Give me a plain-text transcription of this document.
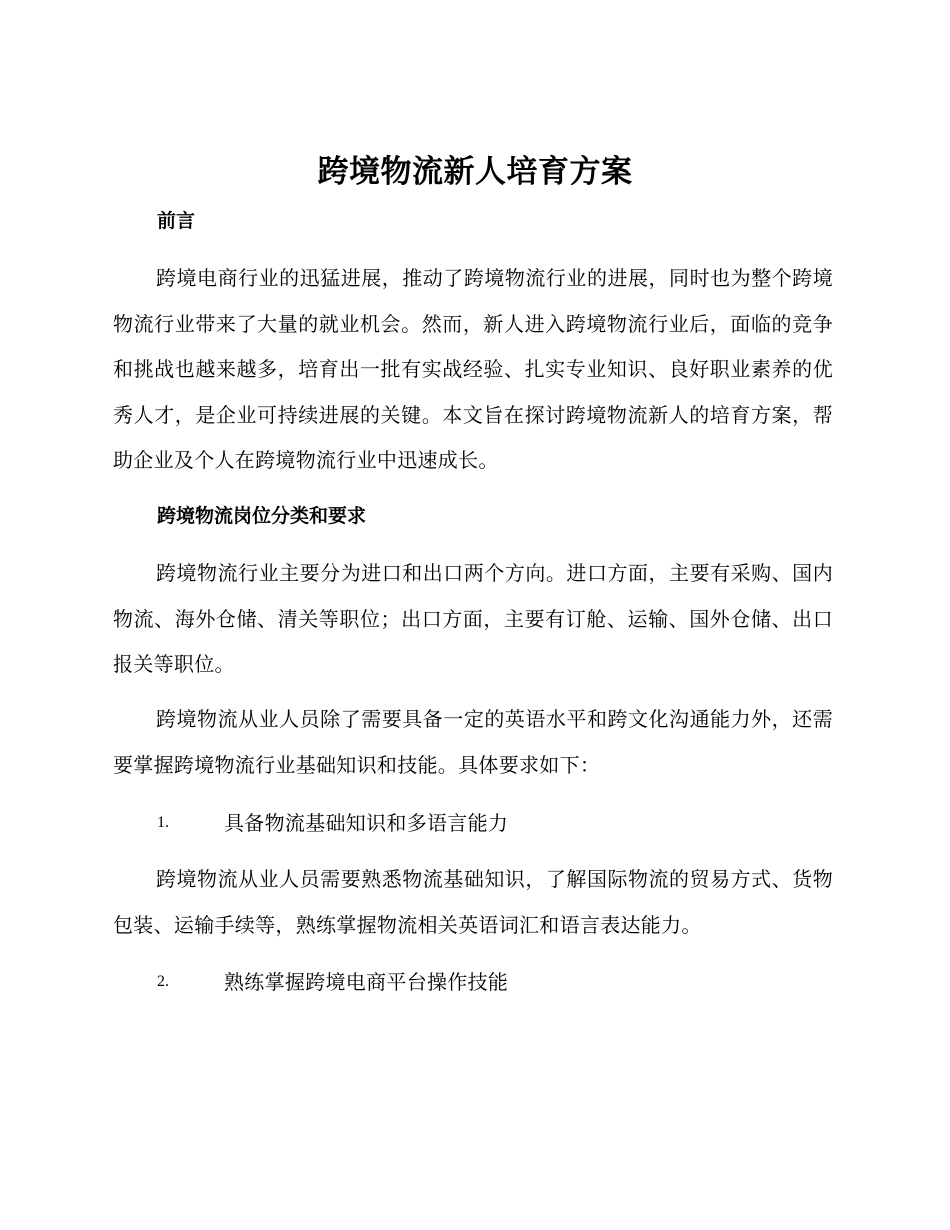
跨境物流新人培育方案
前言
跨境电商行业的迅猛进展，推动了跨境物流行业的进展，同时也为整个跨境物流行业带来了大量的就业机会。然而，新人进入跨境物流行业后，面临的竞争和挑战也越来越多，培育出一批有实战经验、扎实专业知识、良好职业素养的优秀人才，是企业可持续进展的关键。本文旨在探讨跨境物流新人的培育方案，帮助企业及个人在跨境物流行业中迅速成长。
跨境物流岗位分类和要求
跨境物流行业主要分为进口和出口两个方向。进口方面，主要有采购、国内物流、海外仓储、清关等职位；出口方面，主要有订舱、运输、国外仓储、出口报关等职位。
跨境物流从业人员除了需要具备一定的英语水平和跨文化沟通能力外，还需要掌握跨境物流行业基础知识和技能。具体要求如下：
1.	具备物流基础知识和多语言能力
跨境物流从业人员需要熟悉物流基础知识，了解国际物流的贸易方式、货物包装、运输手续等，熟练掌握物流相关英语词汇和语言表达能力。
2.	熟练掌握跨境电商平台操作技能
